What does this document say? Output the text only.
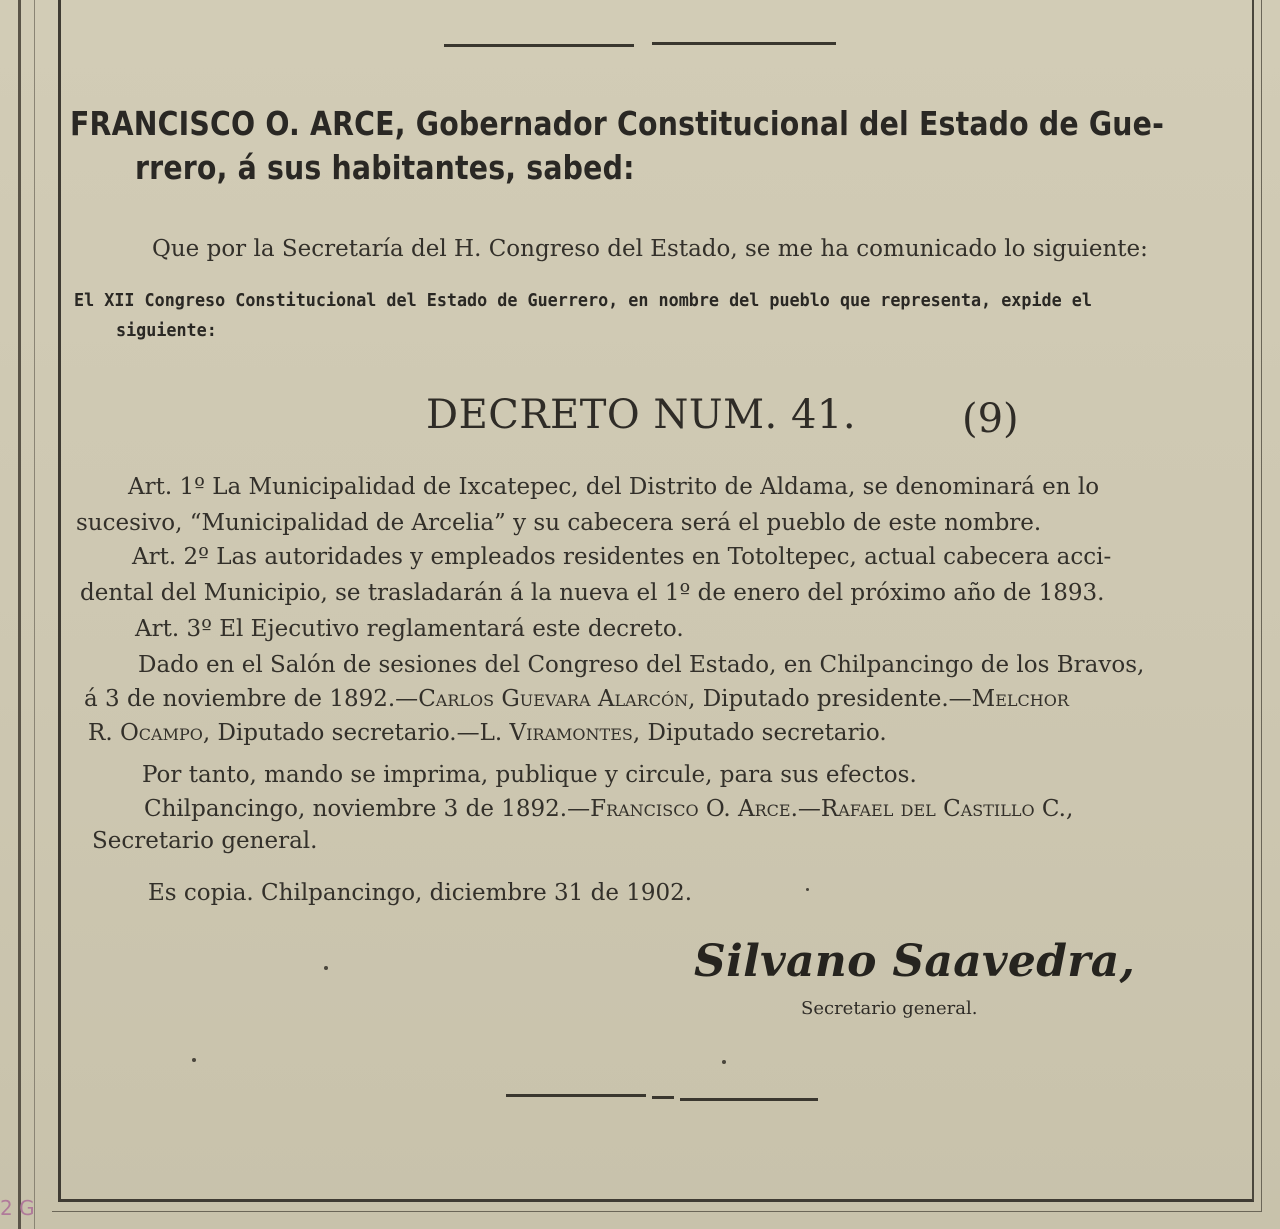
FRANCISCO O. ARCE, Gobernador Constitucional del Estado de Gue-

rrero, á sus habitantes, sabed:

Que por la Secretaría del H. Congreso del Estado, se me ha comunicado lo siguiente:

El XII Congreso Constitucional del Estado de Guerrero, en nombre del pueblo que representa, expide el

siguiente:

DECRETO NUM. 41.	(9)

Art. 1º La Municipalidad de Ixcatepec, del Distrito de Aldama, se denominará en lo

sucesivo, “Municipalidad de Arcelia” y su cabecera será el pueblo de este nombre.

Art. 2º Las autoridades y empleados residentes en Totoltepec, actual cabecera acci-

dental del Municipio, se trasladarán á la nueva el 1º de enero del próximo año de 1893.

Art. 3º El Ejecutivo reglamentará este decreto.

Dado en el Salón de sesiones del Congreso del Estado, en Chilpancingo de los Bravos,

á 3 de noviembre de 1892.—Carlos Guevara Alarcón, Diputado presidente.—Melchor

R. Ocampo, Diputado secretario.—L. Viramontes, Diputado secretario.

Por tanto, mando se imprima, publique y circule, para sus efectos.

Chilpancingo, noviembre 3 de 1892.—Francisco O. Arce.—Rafael del Castillo C.,

Secretario general.

Es copia. Chilpancingo, diciembre 31 de 1902.

Silvano Saavedra,

Secretario general.

2 G
